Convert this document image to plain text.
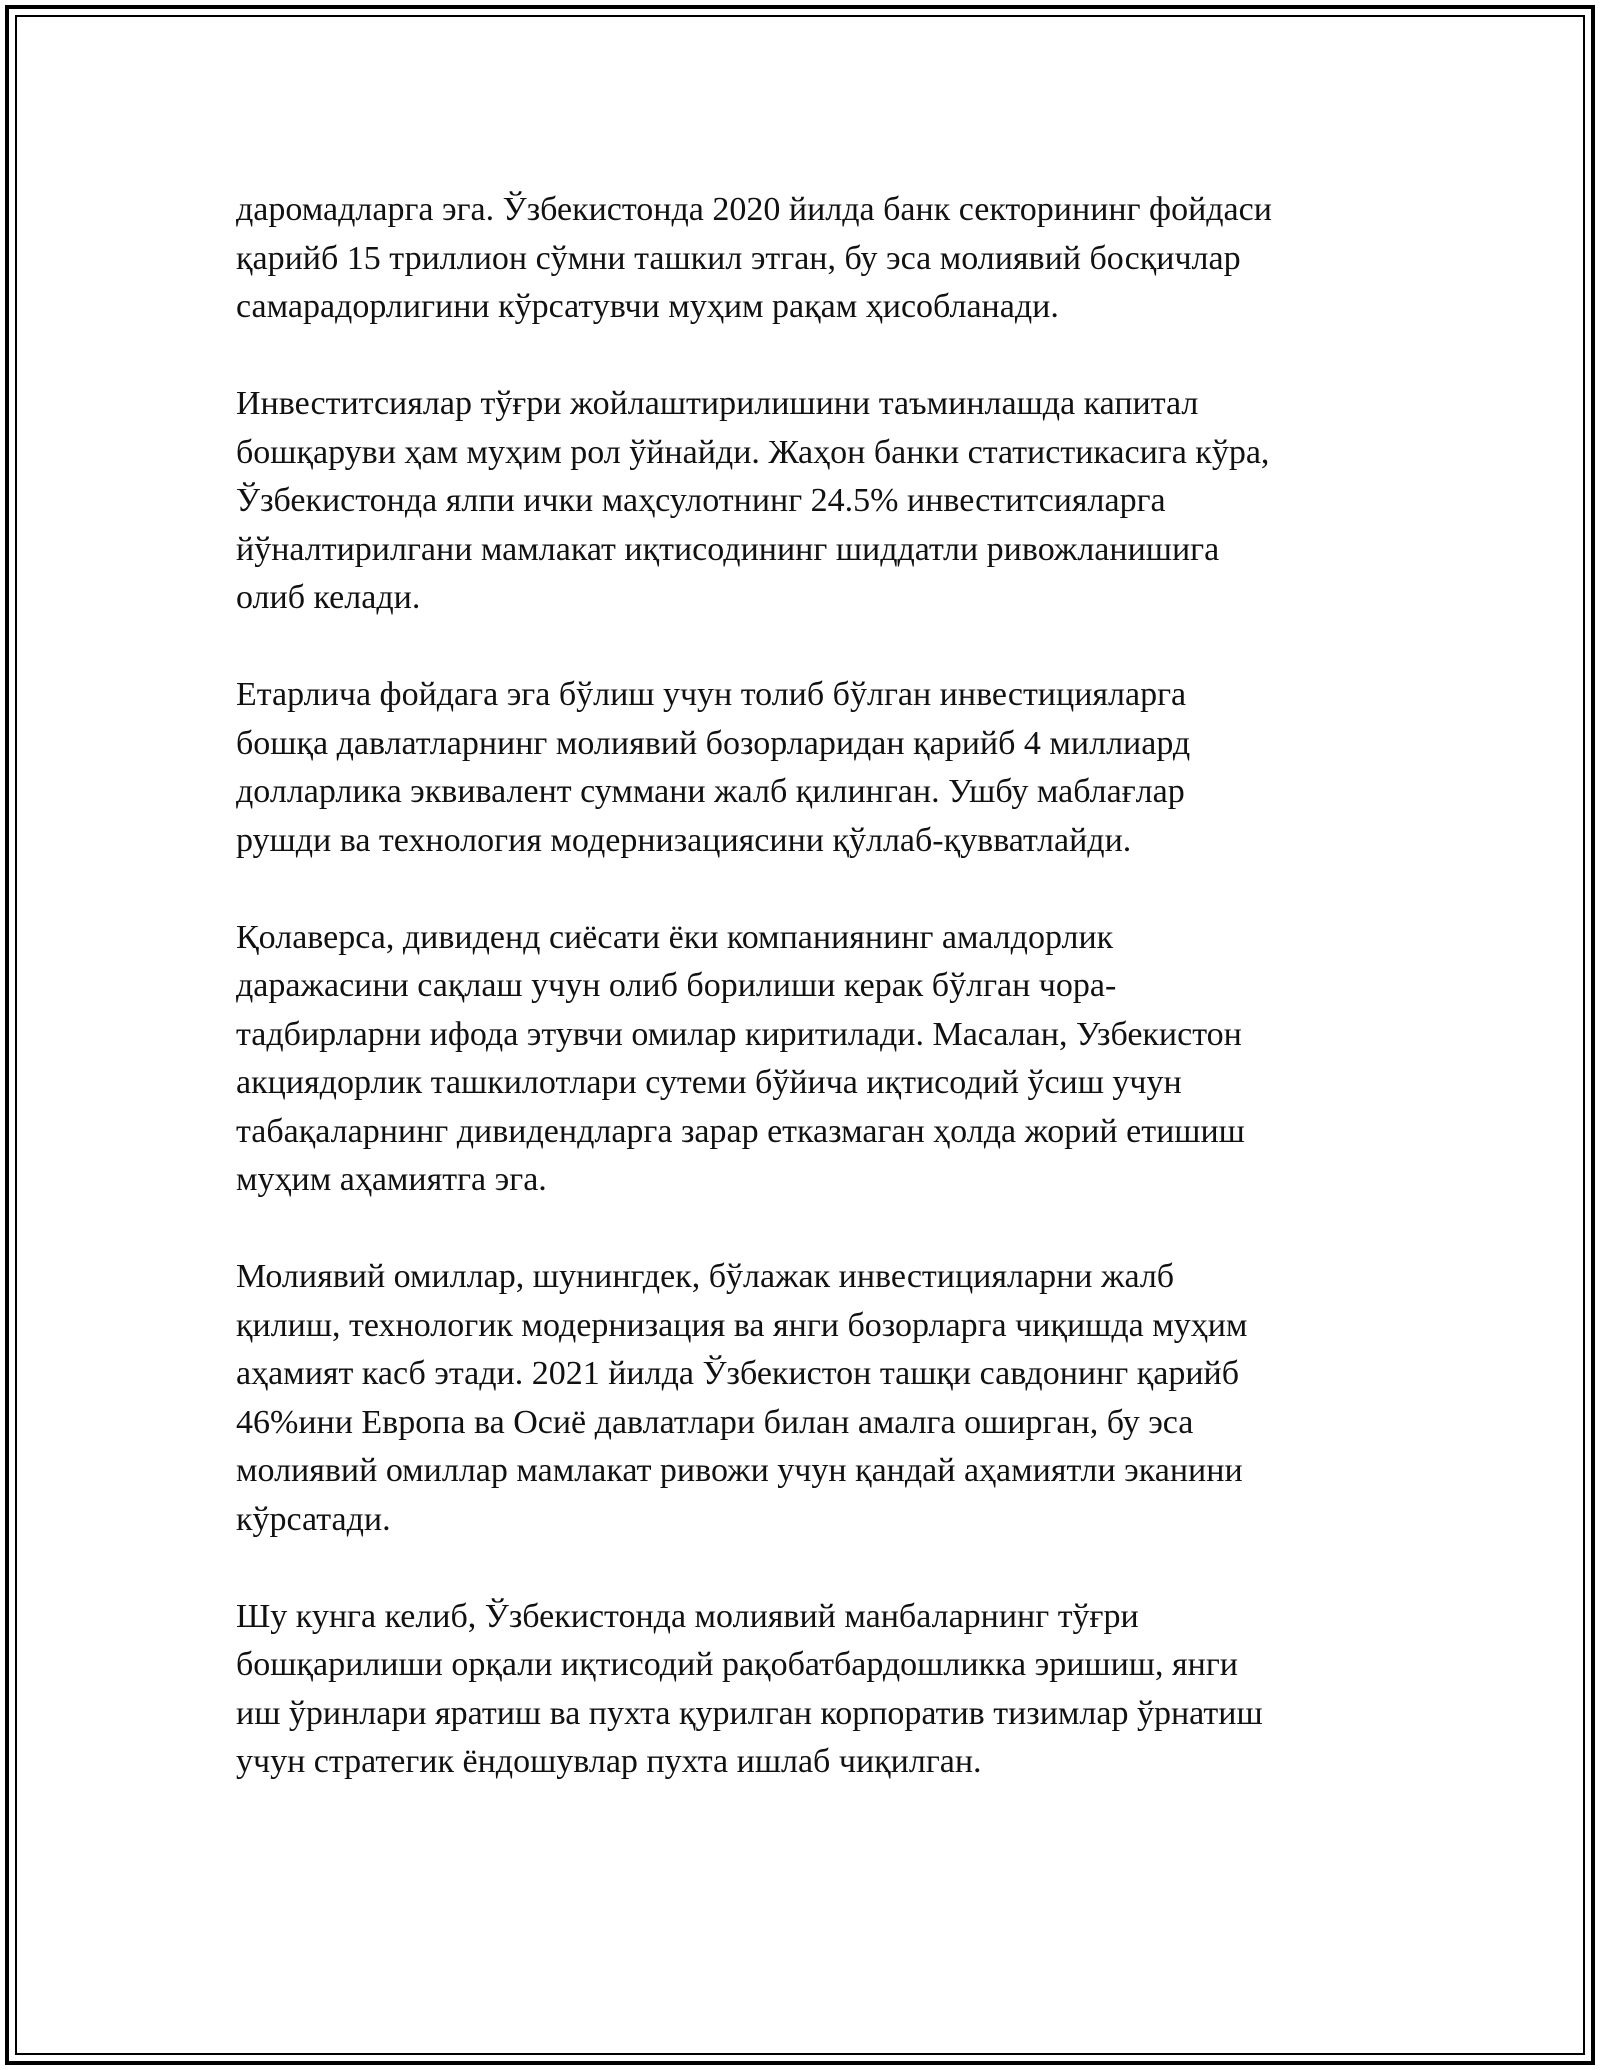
даромадларга эга. Ўзбекистонда 2020 йилда банк секторининг фойдаси
қарийб 15 триллион сўмни ташкил этган, бу эса молиявий босқичлар
самарадорлигини кўрсатувчи муҳим рақам ҳисобланади.

Инвеститсиялар тўғри жойлаштирилишини таъминлашда капитал
бошқаруви ҳам муҳим рол ўйнайди. Жаҳон банки статистикасига кўра,
Ўзбекистонда ялпи ички маҳсулотнинг 24.5% инвеститсияларга
йўналтирилгани мамлакат иқтисодининг шиддатли ривожланишига
олиб келади.

Етарлича фойдага эга бўлиш учун толиб бўлган инвестицияларга
бошқа давлатларнинг молиявий бозорларидан қарийб 4 миллиард
долларлика эквивалент суммани жалб қилинган. Ушбу маблағлар
рушди ва технология модернизациясини қўллаб-қувватлайди.

Қолаверса, дивиденд сиёсати ёки компаниянинг амалдорлик
даражасини сақлаш учун олиб борилиши керак бўлган чора-
тадбирларни ифода этувчи омилар киритилади. Масалан, Узбекистон
акциядорлик ташкилотлари сутеми бўйича иқтисодий ўсиш учун
табақаларнинг дивидендларга зарар етказмаган ҳолда жорий етишиш
муҳим аҳамиятга эга.

Молиявий омиллар, шунингдек, бўлажак инвестицияларни жалб
қилиш, технологик модернизация ва янги бозорларга чиқишда муҳим
аҳамият касб этади. 2021 йилда Ўзбекистон ташқи савдонинг қарийб
46%ини Европа ва Осиё давлатлари билан амалга оширган, бу эса
молиявий омиллар мамлакат ривожи учун қандай аҳамиятли эканини
кўрсатади.

Шу кунга келиб, Ўзбекистонда молиявий манбаларнинг тўғри
бошқарилиши орқали иқтисодий рақобатбардошликка эришиш, янги
иш ўринлари яратиш ва пухта қурилган корпоратив тизимлар ўрнатиш
учун стратегик ёндошувлар пухта ишлаб чиқилган.
